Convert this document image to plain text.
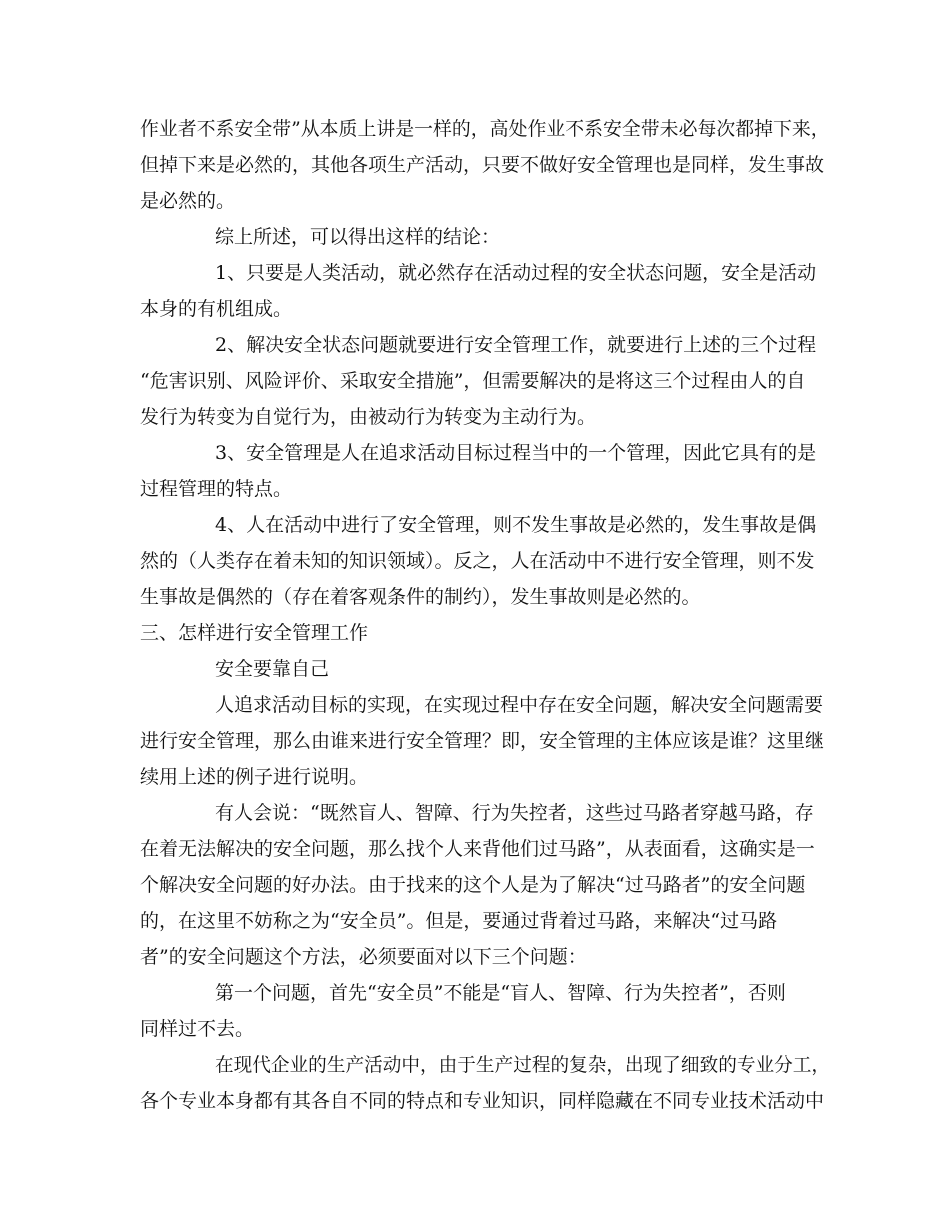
作业者不系安全带”从本质上讲是一样的，高处作业不系安全带未必每次都掉下来，
但掉下来是必然的，其他各项生产活动，只要不做好安全管理也是同样，发生事故
是必然的。
综上所述，可以得出这样的结论：
1、只要是人类活动，就必然存在活动过程的安全状态问题，安全是活动
本身的有机组成。
2、解决安全状态问题就要进行安全管理工作，就要进行上述的三个过程
“危害识别、风险评价、采取安全措施”，但需要解决的是将这三个过程由人的自
发行为转变为自觉行为，由被动行为转变为主动行为。
3、安全管理是人在追求活动目标过程当中的一个管理，因此它具有的是
过程管理的特点。
4、人在活动中进行了安全管理，则不发生事故是必然的，发生事故是偶
然的（人类存在着未知的知识领域）。反之，人在活动中不进行安全管理，则不发
生事故是偶然的（存在着客观条件的制约），发生事故则是必然的。
三、怎样进行安全管理工作
安全要靠自己
人追求活动目标的实现，在实现过程中存在安全问题，解决安全问题需要
进行安全管理，那么由谁来进行安全管理？即，安全管理的主体应该是谁？这里继
续用上述的例子进行说明。
有人会说：“既然盲人、智障、行为失控者，这些过马路者穿越马路，存
在着无法解决的安全问题，那么找个人来背他们过马路”，从表面看，这确实是一
个解决安全问题的好办法。由于找来的这个人是为了解决“过马路者”的安全问题
的，在这里不妨称之为“安全员”。但是，要通过背着过马路，来解决“过马路
者”的安全问题这个方法，必须要面对以下三个问题：
第一个问题，首先“安全员”不能是“盲人、智障、行为失控者”，否则
同样过不去。
在现代企业的生产活动中，由于生产过程的复杂，出现了细致的专业分工，
各个专业本身都有其各自不同的特点和专业知识，同样隐藏在不同专业技术活动中
